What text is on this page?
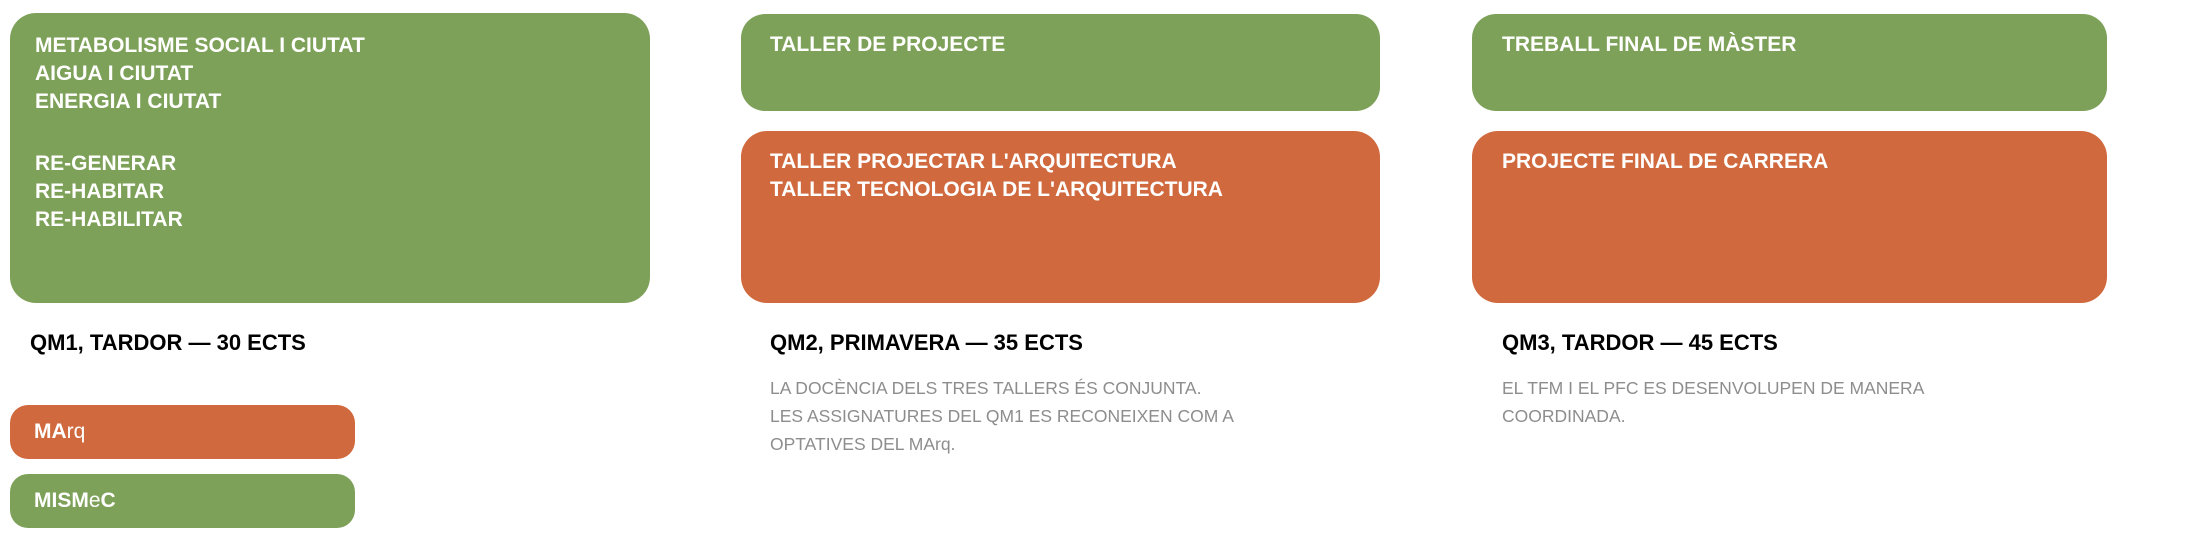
METABOLISME SOCIAL I CIUTAT
AIGUA I CIUTAT
ENERGIA I CIUTAT
RE-GENERAR
RE-HABITAR
RE-HABILITAR
QM1, TARDOR — 30 ECTS
MA rq
MISM e C
TALLER DE PROJECTE
TALLER PROJECTAR L'ARQUITECTURA
TALLER TECNOLOGIA DE L'ARQUITECTURA
QM2, PRIMAVERA — 35 ECTS
LA DOCÈNCIA DELS TRES TALLERS ÉS CONJUNTA.
LES ASSIGNATURES DEL QM1 ES RECONEIXEN COM A
OPTATIVES DEL MArq.
TREBALL FINAL DE MÀSTER
PROJECTE FINAL DE CARRERA
QM3, TARDOR — 45 ECTS
EL TFM I EL PFC ES DESENVOLUPEN DE MANERA
COORDINADA.
